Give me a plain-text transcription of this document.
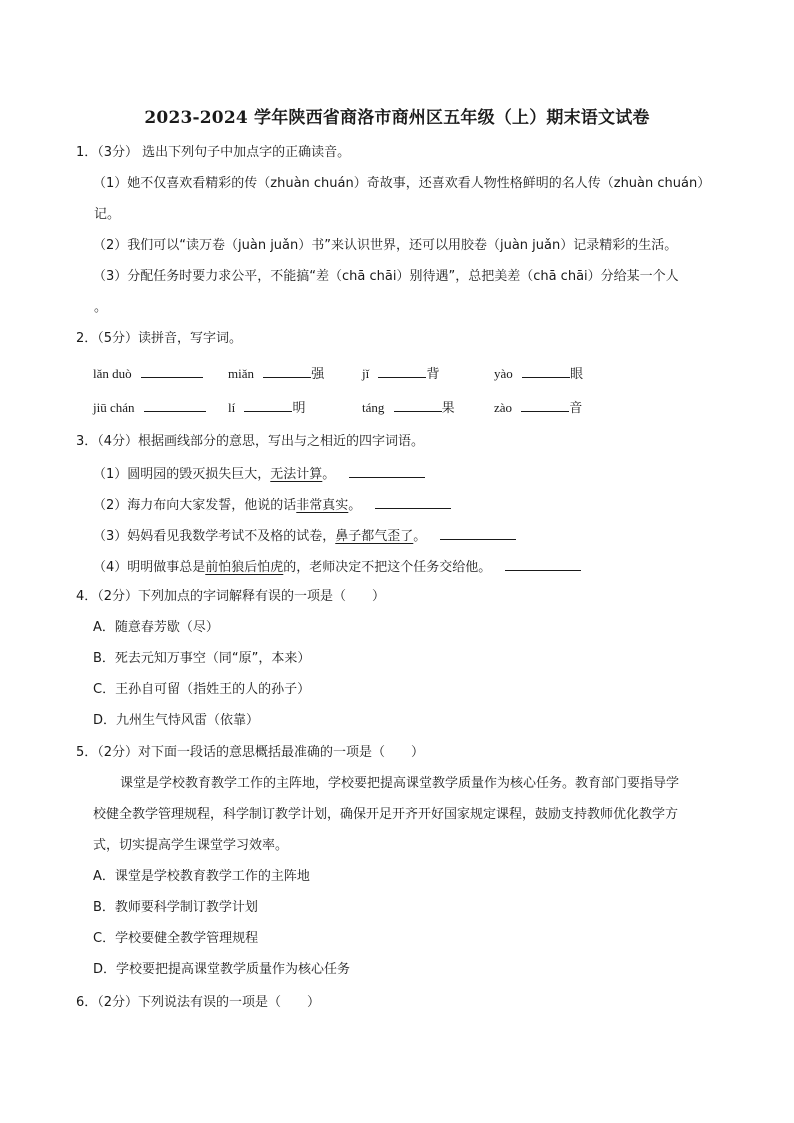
2023-2024 学年陕西省商洛市商州区五年级（上）期末语文试卷
1．（3分） 选出下列句子中加点字的正确读音。
（1）她不仅喜欢看精彩的传（zhuàn chuán）奇故事，还喜欢看人物性格鲜明的名人传（zhuàn chuán）
记。
（2）我们可以“读万卷（juàn juǎn）书”来认识世界，还可以用胶卷（juàn juǎn）记录精彩的生活。
（3）分配任务时要力求公平，不能搞“差（chā chāi）别待遇”，总把美差（chā chāi）分给某一个人
。
2．（5分）读拼音，写字词。
lǎn duò	miǎn	强	jǐ	背	yào	眼
jiū chán	lí	明	táng	果	zào	音
3．（4分）根据画线部分的意思，写出与之相近的四字词语。
（1）圆明园的毁灭损失巨大，无法计算。
（2）海力布向大家发誓，他说的话非常真实。
（3）妈妈看见我数学考试不及格的试卷，鼻子都气歪了。
（4）明明做事总是前怕狼后怕虎的，老师决定不把这个任务交给他。
4．（2分）下列加点的字词解释有误的一项是（　　）
A．随意春芳歇（尽）
B．死去元知万事空（同“原”，本来）
C．王孙自可留（指姓王的人的孙子）
D．九州生气恃风雷（依靠）
5．（2分）对下面一段话的意思概括最准确的一项是（　　）
课堂是学校教育教学工作的主阵地，学校要把提高课堂教学质量作为核心任务。教育部门要指导学
校健全教学管理规程，科学制订教学计划，确保开足开齐开好国家规定课程，鼓励支持教师优化教学方
式，切实提高学生课堂学习效率。
A．课堂是学校教育教学工作的主阵地
B．教师要科学制订教学计划
C．学校要健全教学管理规程
D．学校要把提高课堂教学质量作为核心任务
6．（2分）下列说法有误的一项是（　　）
